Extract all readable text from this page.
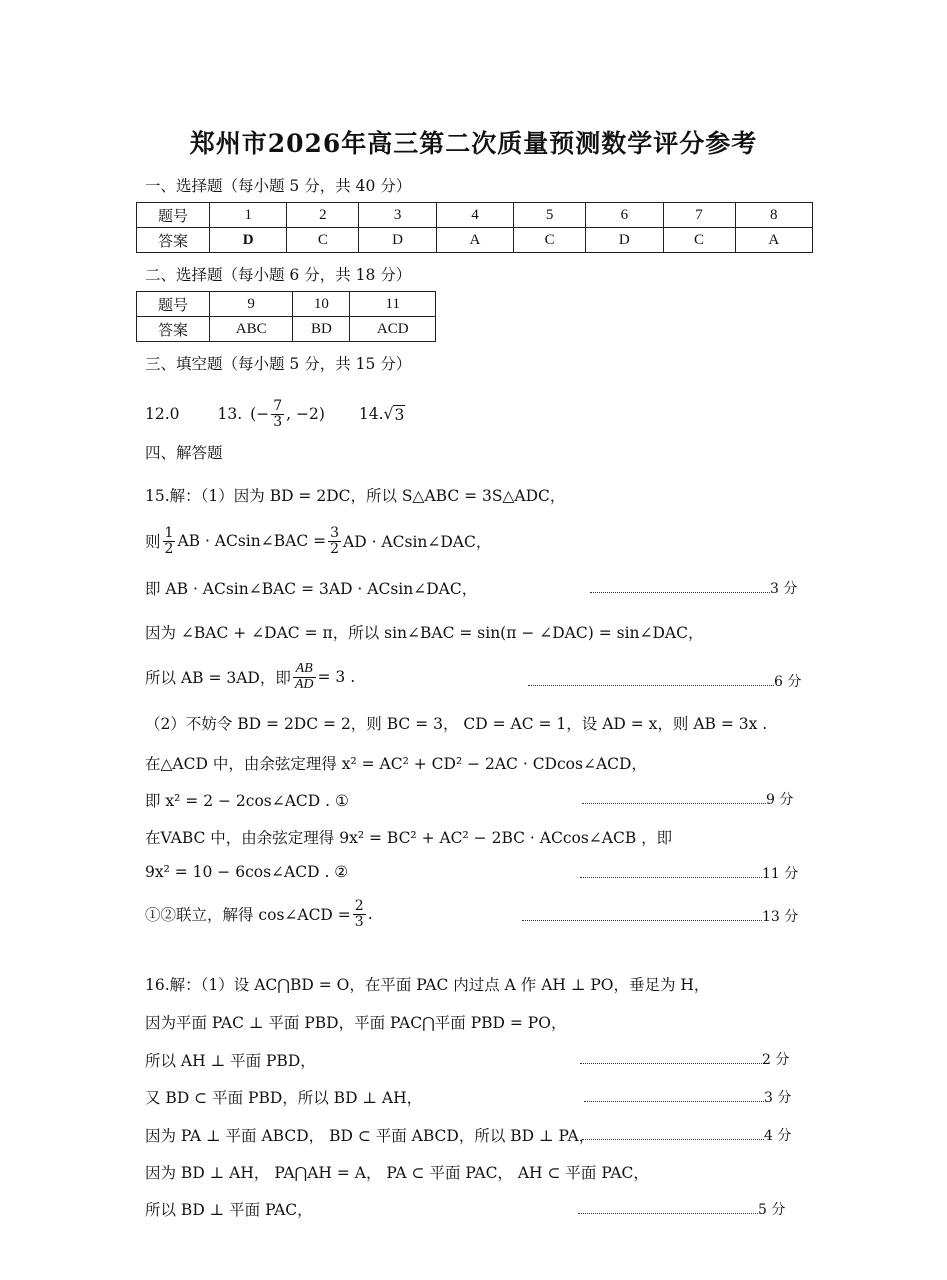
郑州市2026年高三第二次质量预测数学评分参考
一、选择题（每小题 5 分，共 40 分）
题号	1	2	3	4	5	6	7	8
答案	D	C	D	A	C	D	C	A
二、选择题（每小题 6 分，共 18 分）
题号	9	10	11
答案	ABC	BD	ACD
三、填空题（每小题 5 分，共 15 分）
12.0 13. (− $\frac{7}{3}$ , −2) 14. √ 3
四、解答题
15.解：（1）因为 BD = 2DC，所以 S△ABC = 3S△ADC，
则 $\frac{1}{2}$ AB · ACsin∠BAC = $\frac{3}{2}$ AD · ACsin∠DAC，
即 AB · ACsin∠BAC = 3AD · ACsin∠DAC，	3 分
因为 ∠BAC + ∠DAC = π，所以 sin∠BAC = sin(π − ∠DAC) = sin∠DAC，
所以 AB = 3AD，即 $\frac{AB}{AD} = 3$ .	6 分
（2）不妨令 BD = 2DC = 2，则 BC = 3， CD = AC = 1，设 AD = x，则 AB = 3x .
在△ACD 中，由余弦定理得 x² = AC² + CD² − 2AC · CDcos∠ACD，
即 x² = 2 − 2cos∠ACD . ①	9 分
在VABC 中，由余弦定理得 9x² = BC² + AC² − 2BC · ACcos∠ACB ，即
9x² = 10 − 6cos∠ACD . ②	11 分
①②联立，解得 cos∠ACD = $\frac{2}{3}$ .	13 分
16.解：（1）设 AC⋂BD = O，在平面 PAC 内过点 A 作 AH ⊥ PO，垂足为 H，
因为平面 PAC ⊥ 平面 PBD，平面 PAC⋂平面 PBD = PO，
所以 AH ⊥ 平面 PBD，	2 分
又 BD ⊂ 平面 PBD，所以 BD ⊥ AH，	3 分
因为 PA ⊥ 平面 ABCD， BD ⊂ 平面 ABCD，所以 BD ⊥ PA，	4 分
因为 BD ⊥ AH， PA⋂AH = A， PA ⊂ 平面 PAC， AH ⊂ 平面 PAC，
所以 BD ⊥ 平面 PAC，	5 分
